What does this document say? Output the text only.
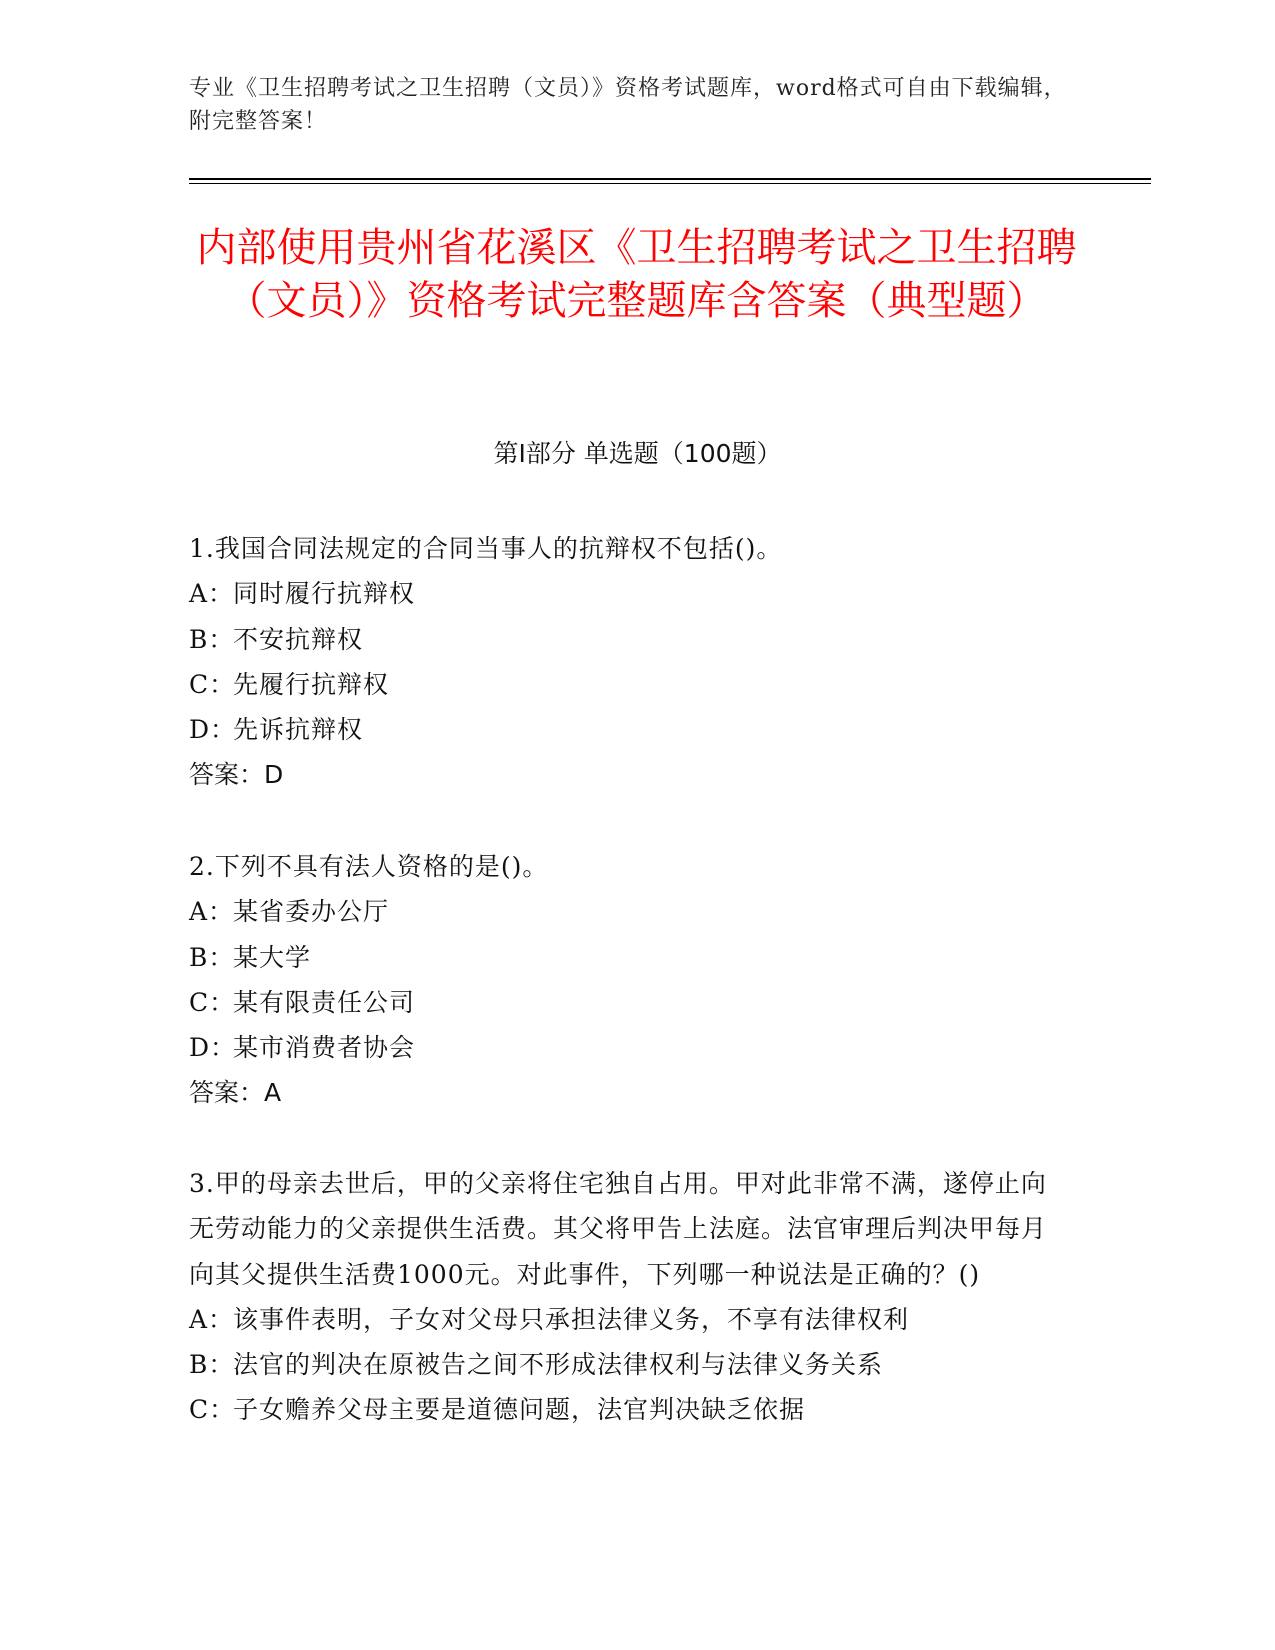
专业《卫生招聘考试之卫生招聘（文员）》资格考试题库，word格式可自由下载编辑，附完整答案！
内部使用贵州省花溪区《卫生招聘考试之卫生招聘（文员）》资格考试完整题库含答案（典型题）
第I部分 单选题（100题）

1.我国合同法规定的合同当事人的抗辩权不包括()。

A：同时履行抗辩权

B：不安抗辩权

C：先履行抗辩权

D：先诉抗辩权

答案：D

2.下列不具有法人资格的是()。

A：某省委办公厅

B：某大学

C：某有限责任公司

D：某市消费者协会

答案：A

3.甲的母亲去世后，甲的父亲将住宅独自占用。甲对此非常不满，遂停止向无劳动能力的父亲提供生活费。其父将甲告上法庭。法官审理后判决甲每月向其父提供生活费1000元。对此事件，下列哪一种说法是正确的？()

A：该事件表明，子女对父母只承担法律义务，不享有法律权利

B：法官的判决在原被告之间不形成法律权利与法律义务关系

C：子女赡养父母主要是道德问题，法官判决缺乏依据
